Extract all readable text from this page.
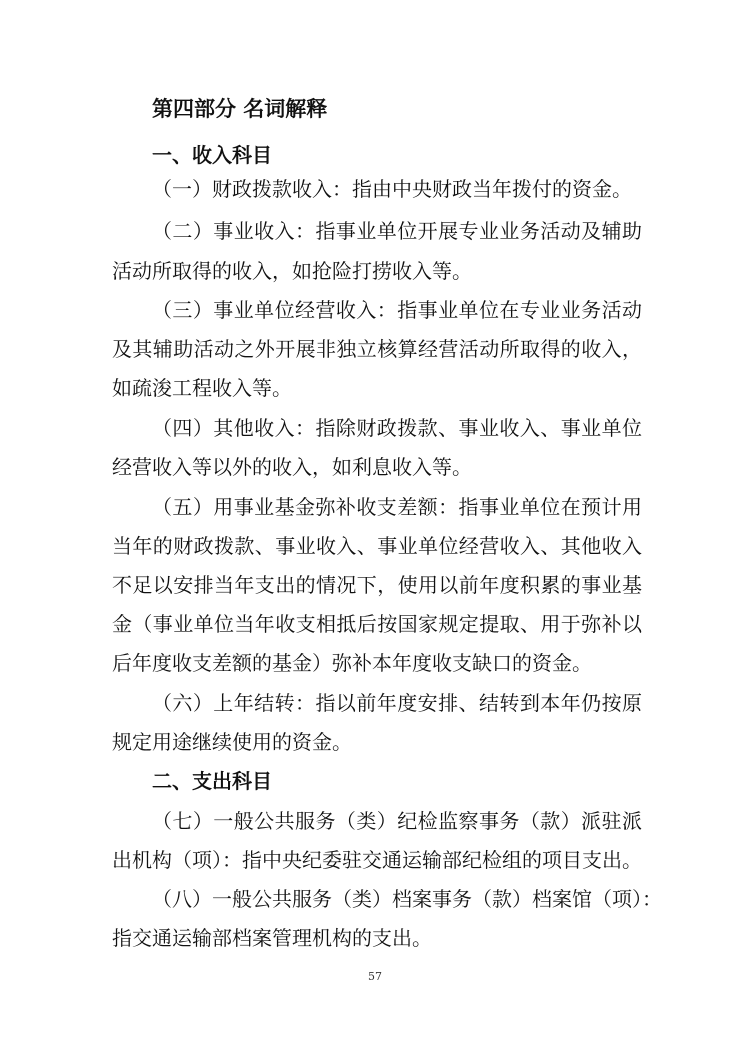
第四部分 名词解释
一、收入科目
（一）财政拨款收入：指由中央财政当年拨付的资金。
（二）事业收入：指事业单位开展专业业务活动及辅助
活动所取得的收入，如抢险打捞收入等。
（三）事业单位经营收入：指事业单位在专业业务活动
及其辅助活动之外开展非独立核算经营活动所取得的收入，
如疏浚工程收入等。
（四）其他收入：指除财政拨款、事业收入、事业单位
经营收入等以外的收入，如利息收入等。
（五）用事业基金弥补收支差额：指事业单位在预计用
当年的财政拨款、事业收入、事业单位经营收入、其他收入
不足以安排当年支出的情况下，使用以前年度积累的事业基
金（事业单位当年收支相抵后按国家规定提取、用于弥补以
后年度收支差额的基金）弥补本年度收支缺口的资金。
（六）上年结转：指以前年度安排、结转到本年仍按原
规定用途继续使用的资金。
二、支出科目
（七）一般公共服务（类）纪检监察事务（款）派驻派
出机构（项）：指中央纪委驻交通运输部纪检组的项目支出。
（八）一般公共服务（类）档案事务（款）档案馆（项）：
指交通运输部档案管理机构的支出。
57
